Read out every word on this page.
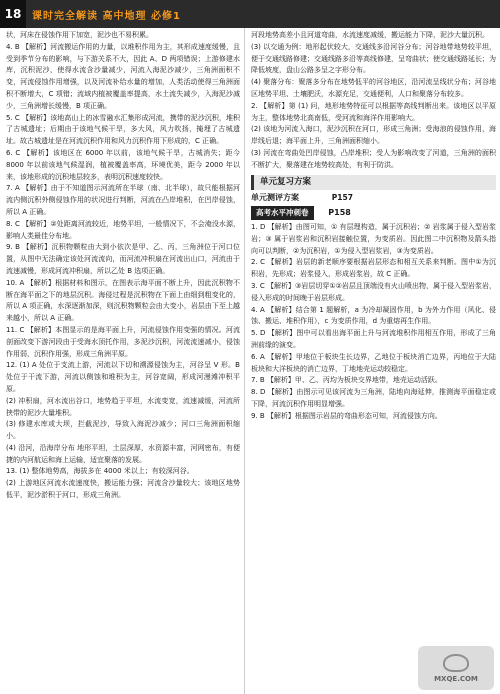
18	课时完全解读 高中地理 必修1

状，河床在侵蚀作用下加宽，泥沙也不易积累。

4. B 【解析】河流搬运作用的力量，以堆积作用为主，其形成速度缓慢，且受到季节分布的影响，与下游关系不大，因此 A、D 两项错误；上游修建水库，沉积泥沙，使得水流含沙量减少，河流入海泥沙减少，三角洲面积不变，河流侵蚀作用增强，以及河流补给水量的增加，人类活动使得三角洲面积不断增大，C 项错；流域内植被覆盖率提高，水土流失减少，入海泥沙减少，三角洲增长缓慢，B 项正确。

5. C 【解析】该地高山上的冰雪融水汇集形成河流，携带的泥沙沉积，堆积了古城遗址；后期由于该地气候干旱，多大风，风力吹扬，掩埋了古城遗址。故古城遗址是在河流沉积作用和风力沉积作用下形成的，C 正确。

6. C 【解析】该地区在 6000 年以前，该地气候干旱，古城消失；距今 8000 年以前该地气候湿润，植被覆盖率高，环境优美，距今 2000 年以来，该地形成的沉积地层较多，表明沉积速度较快。

7. A 【解析】由于不知道图示河流所在半球（南、北半球），故只能根据河流内侧沉积外侧侵蚀作用的状况进行判断，河流在凸岸堆积，在凹岸侵蚀，所以 A 正确。

8. C 【解析】②处距离河流较近，地势平坦，一般情况下，不会淹没水源，影响人类最佳分布地。

9. B 【解析】沉积物颗粒由大到小依次是甲、乙、丙，三角洲位于河口位置，从图中无法确定该处河流流向，而河流冲积扇在河流出山口，河流由于流速减慢，形成河流冲积扇，所以乙处 B 选项正确。

10. A 【解析】根据材料和图示，在图表示海平面不断上升，因此沉积物不断在海平面之下的地层沉积。海侵过程是沉积物在下面上由细到粗变化的，所以 A 项正确，水深逐渐加深，则沉积物颗粒会由大变小，岩层由下至上越来越小，所以 A 正确。

11. C 【解析】本图显示的是海平面上升，河流侵蚀作用变强的情况。河流剖面改变下游河段由于受海水顶托作用，多泥沙沉积，河流流速减小，侵蚀作用弱，沉积作用强，形成三角洲平原。

12. (1) A 处位于支流上游，河流以下切和溯源侵蚀为主，河谷呈 V 形。B 处位于干流下游，河流以侧蚀和堆积为主，河谷宽阔，形成河漫滩冲积平原。

(2) 冲积扇，河水流出谷口，地势趋于平坦，水流变宽，流速减缓，河流所挟带的泥沙大量堆积。

(3) 修建水库或大坝，拦截泥沙，导致入海泥沙减少；河口三角洲面积缩小。

(4) 沿河，沿海岸分布 地形平坦，土层深厚，水资源丰富，河网密布，有便捷的内河航运和海上运输，适宜聚落的发展。

13. (1) 整体地势高，海拔多在 4000 米以上；有较深河谷。

(2) 上游地区河流水流速度快，搬运能力强；河流含沙量较大；该地区地势低平，泥沙淤积于河口，形成三角洲。

河段地势高差小且河道弯曲，水流速度减缓，搬运能力下降，泥沙大量沉积。

(3) 以交通为例：地形起伏较大，交通线多沿河谷分布；河谷地带地势较平坦，便于交通线路修建；交通线路多沿等高线修建，呈弯曲状；使交通线路延长；为降低坡度，盘山公路多呈之字形分布。

(4) 聚落分布：聚落多分布在地势低平的河谷地区，沿河流呈线状分布；河谷地区地势平坦、土壤肥沃，水源充足，交通便利，人口和聚落分布较多。

2. 【解析】第 (1) 问，地形地势特征可以根据等高线判断出来。该地区以平原为主，整体地势北高南低，受河流和海洋作用影响大。

(2) 该地为河流入海口，泥沙沉积在河口，形成三角洲；受海浪的侵蚀作用，海岸线后退；海平面上升，三角洲面积缩小。

(3) 河流在弯曲处凹岸侵蚀，凸岸堆积；受人为影响改变了河道，三角洲的面积不断扩大，聚落建在地势较高处，有利于防洪。

单元复习方案
单元测评方案	P157
高考水平冲刺卷 P158

1. D 【解析】由图可知，① 有层理构造，属于沉积岩；② 岩浆属于侵入型岩浆岩；③ 属于岩浆岩和沉积岩接触位置，为变质岩。因此图二中沉积物及箭头指向可以判断，②为沉积岩，①为侵入型岩浆岩，③为变质岩。

2. C 【解析】岩层的新老顺序要根据岩层形态和相互关系来判断。图中①为沉积岩，先形成；岩浆侵入，形成岩浆岩，故 C 正确。

3. C 【解析】③岩层切穿①②岩层且顶端没有火山喷出物，属于侵入型岩浆岩，侵入形成的时间晚于岩层形成。

4. A 【解析】结合第 1 题解析，a 为冷却凝固作用，b 为外力作用（风化、侵蚀、搬运、堆积作用），c 为变质作用，d 为重熔再生作用。

5. D 【解析】图中可以看出海平面上升与河流堆积作用相互作用，形成了三角洲前缘的演变。

6. A 【解析】甲地位于板块生长边界，乙地位于板块消亡边界，丙地位于大陆板块和大洋板块的消亡边界，丁地地壳运动较稳定。

7. B 【解析】甲、乙、丙均为板块交界地带，地壳运动活跃。

8. D 【解析】由图示可见该河流为三角洲，陆地向海延伸，推测海平面稳定或下降，河流沉积作用明显增强。

9. B 【解析】根据图示岩层的弯曲形态可知，河流侵蚀方向。

MXQE.COM
